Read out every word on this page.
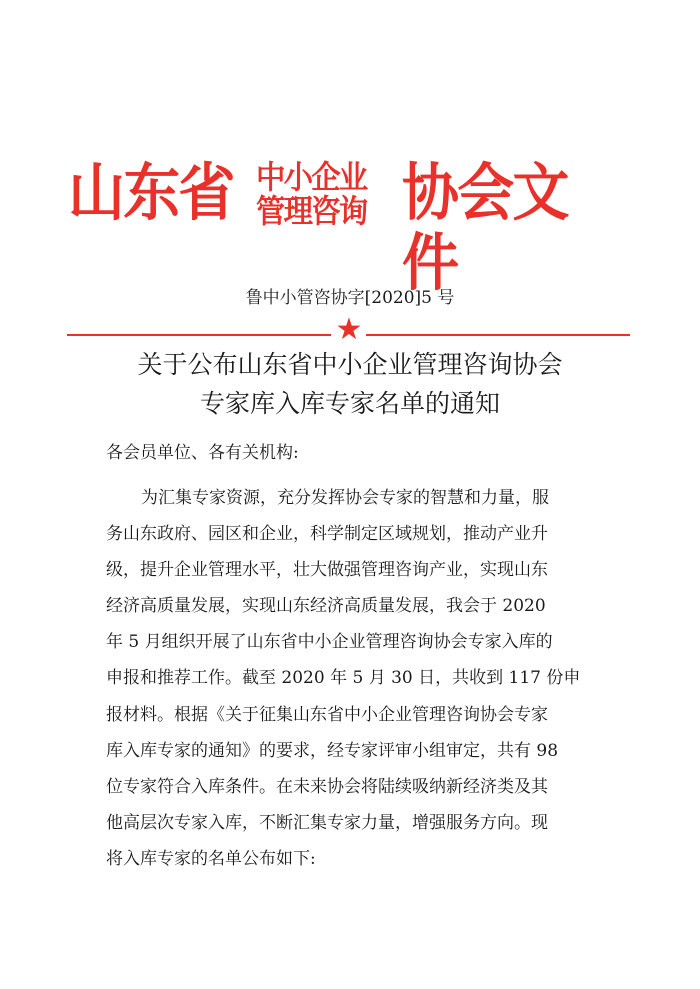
山东省 中小企业
管理咨询 协会文件
鲁中小管咨协字[2020]5 号
★
关于公布山东省中小企业管理咨询协会
专家库入库专家名单的通知
各会员单位、各有关机构:
为汇集专家资源，充分发挥协会专家的智慧和力量，服
务山东政府、园区和企业，科学制定区域规划，推动产业升
级，提升企业管理水平，壮大做强管理咨询产业，实现山东
经济高质量发展，实现山东经济高质量发展，我会于 2020
年 5 月组织开展了山东省中小企业管理咨询协会专家入库的
申报和推荐工作。截至 2020 年 5 月 30 日，共收到 117 份申
报材料。根据《关于征集山东省中小企业管理咨询协会专家
库入库专家的通知》的要求，经专家评审小组审定，共有 98
位专家符合入库条件。在未来协会将陆续吸纳新经济类及其
他高层次专家入库，不断汇集专家力量，增强服务方向。现
将入库专家的名单公布如下:
